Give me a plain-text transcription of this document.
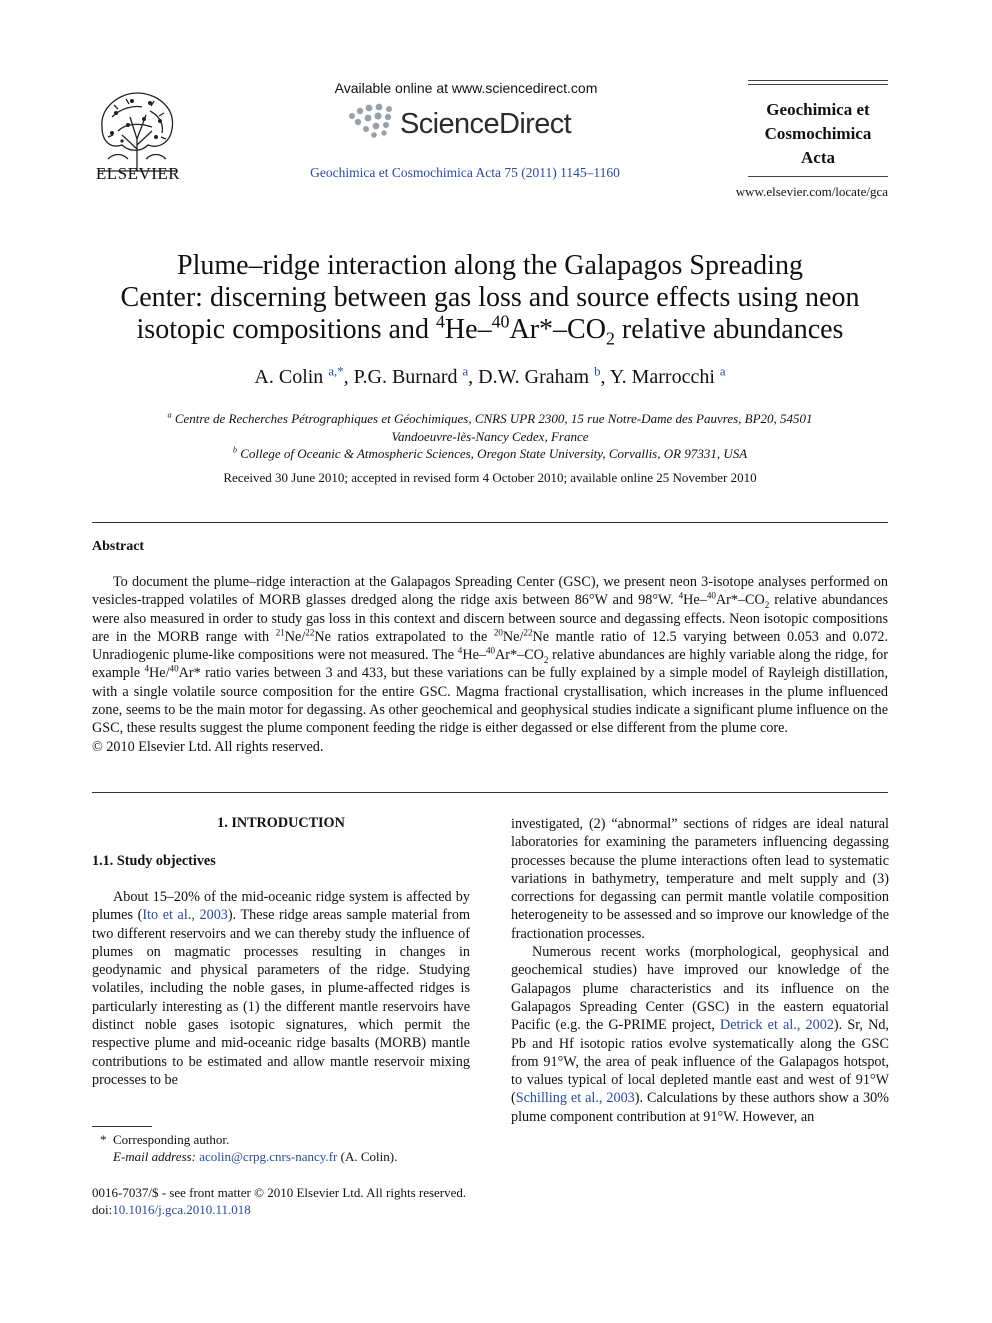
ELSEVIER
Available online at www.sciencedirect.com
ScienceDirect
Geochimica et Cosmochimica Acta 75 (2011) 1145–1160
Geochimica et
Cosmochimica
Acta
www.elsevier.com/locate/gca
Plume–ridge interaction along the Galapagos Spreading
Center: discerning between gas loss and source effects using neon
isotopic compositions and $^4He-^{40}Ar*-CO_2$ relative abundances
A. Colin $^{a,*}$, P.G. Burnard $^a$, D.W. Graham $^b$, Y. Marrocchi $^a$
$^a$ Centre de Recherches Pétrographiques et Géochimiques, CNRS UPR 2300, 15 rue Notre-Dame des Pauvres, BP20, 54501
Vandoeuvre-lès-Nancy Cedex, France
$^b$ College of Oceanic & Atmospheric Sciences, Oregon State University, Corvallis, OR 97331, USA
Received 30 June 2010; accepted in revised form 4 October 2010; available online 25 November 2010
Abstract

To document the plume–ridge interaction at the Galapagos Spreading Center (GSC), we present neon 3-isotope analyses performed on vesicles-trapped volatiles of MORB glasses dredged along the ridge axis between 86°W and 98°W. $^4He-^{40}Ar*-CO_2$ relative abundances were also measured in order to study gas loss in this context and discern between source and degassing effects. Neon isotopic compositions are in the MORB range with $^{21}$Ne/$^{22}$Ne ratios extrapolated to the $^{20}$Ne/$^{22}$Ne mantle ratio of 12.5 varying between 0.053 and 0.072. Unradiogenic plume-like compositions were not measured. The $^4He-^{40}Ar*-CO_2$ relative abundances are highly variable along the ridge, for example $^4$He/$^{40}$Ar* ratio varies between 3 and 433, but these variations can be fully explained by a simple model of Rayleigh distillation, with a single volatile source composition for the entire GSC. Magma fractional crystallisation, which increases in the plume influenced zone, seems to be the main motor for degassing. As other geochemical and geophysical studies indicate a significant plume influence on the GSC, these results suggest the plume component feeding the ridge is either degassed or else different from the plume core.

© 2010 Elsevier Ltd. All rights reserved.
1. INTRODUCTION
1.1. Study objectives

About 15–20% of the mid-oceanic ridge system is affected by plumes (Ito et al., 2003). These ridge areas sample material from two different reservoirs and we can thereby study the influence of plumes on magmatic processes resulting in changes in geodynamic and physical parameters of the ridge. Studying volatiles, including the noble gases, in plume-affected ridges is particularly interesting as (1) the different mantle reservoirs have distinct noble gases isotopic signatures, which permit the respective plume and mid-oceanic ridge basalts (MORB) mantle contributions to be estimated and allow mantle reservoir mixing processes to be

investigated, (2) “abnormal” sections of ridges are ideal natural laboratories for examining the parameters influencing degassing processes because the plume interactions often lead to systematic variations in bathymetry, temperature and melt supply and (3) corrections for degassing can permit mantle volatile composition heterogeneity to be assessed and so improve our knowledge of the fractionation processes.

Numerous recent works (morphological, geophysical and geochemical studies) have improved our knowledge of the Galapagos plume characteristics and its influence on the Galapagos Spreading Center (GSC) in the eastern equatorial Pacific (e.g. the G-PRIME project, Detrick et al., 2002). Sr, Nd, Pb and Hf isotopic ratios evolve systematically along the GSC from 91°W, the area of peak influence of the Galapagos hotspot, to values typical of local depleted mantle east and west of 91°W (Schilling et al., 2003). Calculations by these authors show a 30% plume component contribution at 91°W. However, an

* Corresponding author.
E-mail address: acolin@crpg.cnrs-nancy.fr (A. Colin).
0016-7037/$ - see front matter © 2010 Elsevier Ltd. All rights reserved.
doi:10.1016/j.gca.2010.11.018
